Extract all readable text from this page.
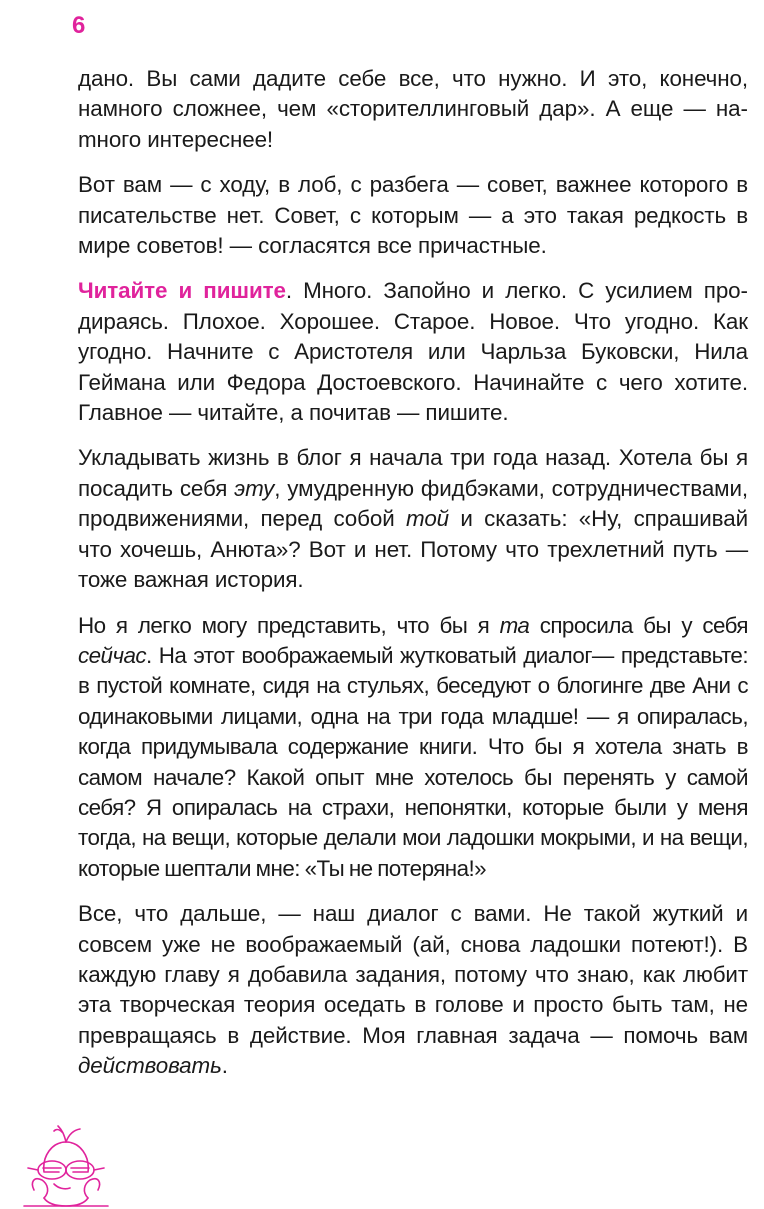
6

дано. Вы сами дадите себе все, что нужно. И это, конечно, намного сложнее, чем «сторителлинговый дар». А еще — наmного интереснее!

Вот вам — с ходу, в лоб, с разбега — совет, важнее которого в писательстве нет. Совет, с которым — а это такая редкость в мире советов! — согласятся все причастные.

Читайте и пишите. Много. Запойно и легко. С усилием продираясь. Плохое. Хорошее. Старое. Новое. Что угодно. Как угодно. Начните с Аристотеля или Чарльза Буковски, Нила Геймана или Федора Достоевского. Начинайте с чего хотите. Главное — читайте, а почитав — пишите.

Укладывать жизнь в блог я начала три года назад. Хотела бы я посадить себя эту, умудренную фидбэками, сотрудничествами, продвижениями, перед собой той и сказать: «Ну, спрашивай что хочешь, Анюта»? Вот и нет. Потому что трехлетний путь — тоже важная история.

Но я легко могу представить, что бы я та спросила бы у себя сейчас. На этот воображаемый жутковатый диалог— представьте: в пустой комнате, сидя на стульях, беседуют о блогинге две Ани с одинаковыми лицами, одна на три года младше! — я опиралась, когда придумывала содержание книги. Что бы я хотела знать в самом начале? Какой опыт мне хотелось бы перенять у самой себя? Я опиралась на страхи, непонятки, которые были у меня тогда, на вещи, которые делали мои ладошки мокрыми, и на вещи, которые шептали мне: «Ты не потеряна!»

Все, что дальше, — наш диалог с вами. Не такой жуткий и совсем уже не воображаемый (ай, снова ладошки потеют!). В каждую главу я добавила задания, потому что знаю, как любит эта творческая теория оседать в голове и просто быть там, не превращаясь в действие. Моя главная задача — помочь вам действовать.
